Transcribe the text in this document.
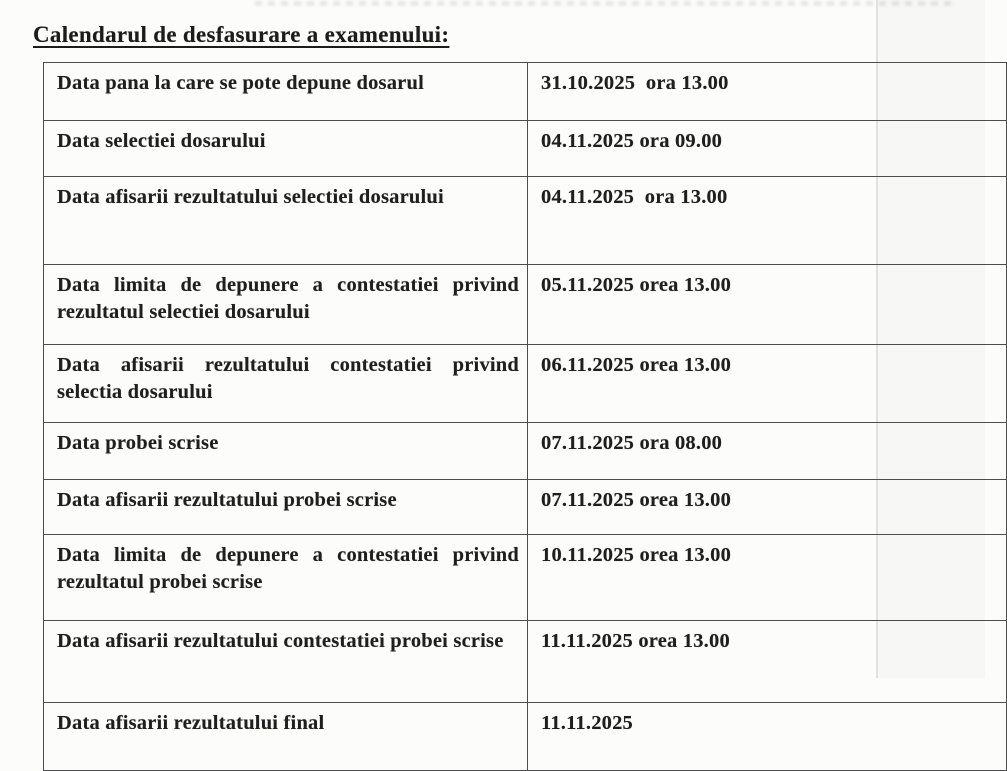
Calendarul de desfasurare a examenului:
Data pana la care se pote depune dosarul	31.10.2025  ora 13.00
Data selectiei dosarului	04.11.2025 ora 09.00
Data afisarii rezultatului selectiei dosarului	04.11.2025  ora 13.00
Data limita de depunere a contestatiei privind rezultatul selectiei dosarului	05.11.2025 orea 13.00
Data afisarii rezultatului contestatiei privind selectia dosarului	06.11.2025 orea 13.00
Data probei scrise	07.11.2025 ora 08.00
Data afisarii rezultatului probei scrise	07.11.2025 orea 13.00
Data limita de depunere a contestatiei privind rezultatul probei scrise	10.11.2025 orea 13.00
Data afisarii rezultatului contestatiei probei scrise	11.11.2025 orea 13.00
Data afisarii rezultatului final	11.11.2025
